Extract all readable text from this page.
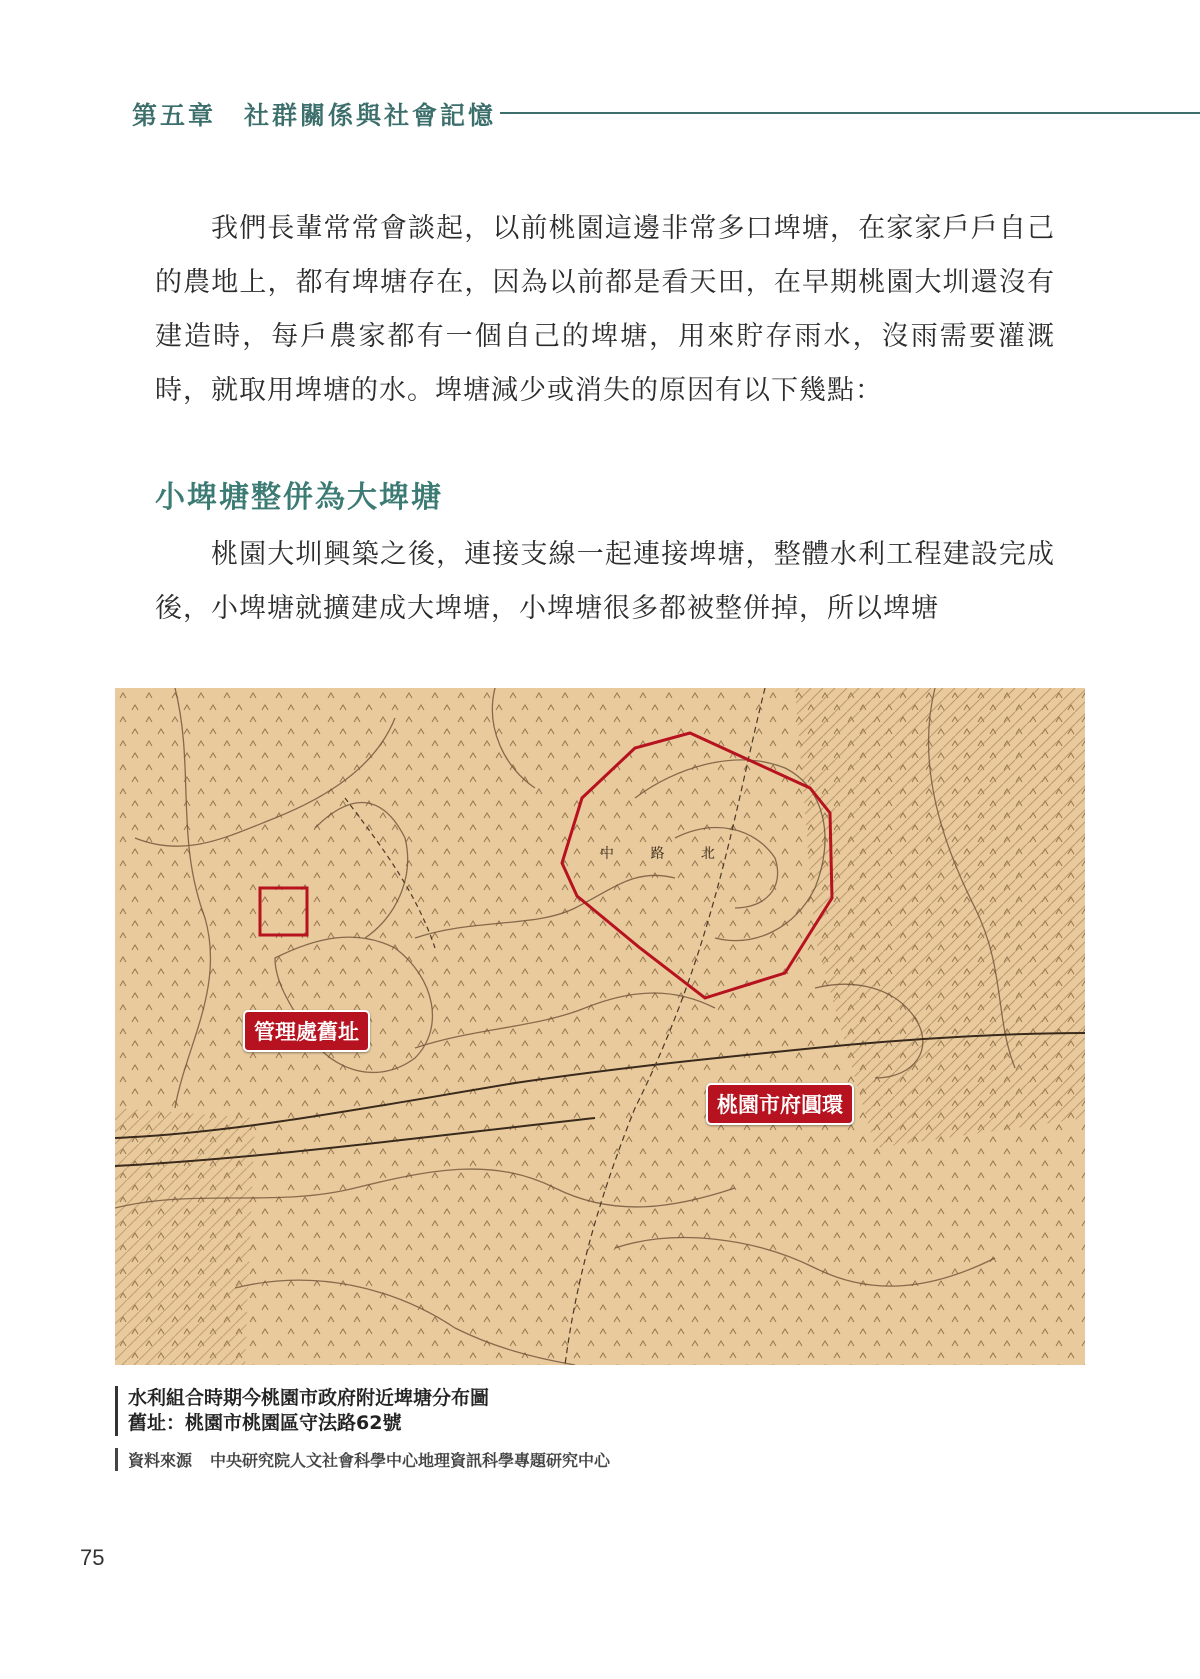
第五章　社群關係與社會記憶

我們長輩常常會談起，以前桃園這邊非常多口埤塘，在家家戶戶自己的農地上，都有埤塘存在，因為以前都是看天田，在早期桃園大圳還沒有建造時，每戶農家都有一個自己的埤塘，用來貯存雨水，沒雨需要灌溉時，就取用埤塘的水。埤塘減少或消失的原因有以下幾點：

小埤塘整併為大埤塘

桃園大圳興築之後，連接支線一起連接埤塘，整體水利工程建設完成後，小埤塘就擴建成大埤塘，小埤塘很多都被整併掉，所以埤塘

中 路 北
管理處舊址
桃園市府圓環
水利組合時期今桃園市政府附近埤塘分布圖
舊址：桃園市桃園區守法路62號
資料來源 中央研究院人文社會科學中心地理資訊科學專題研究中心
75
